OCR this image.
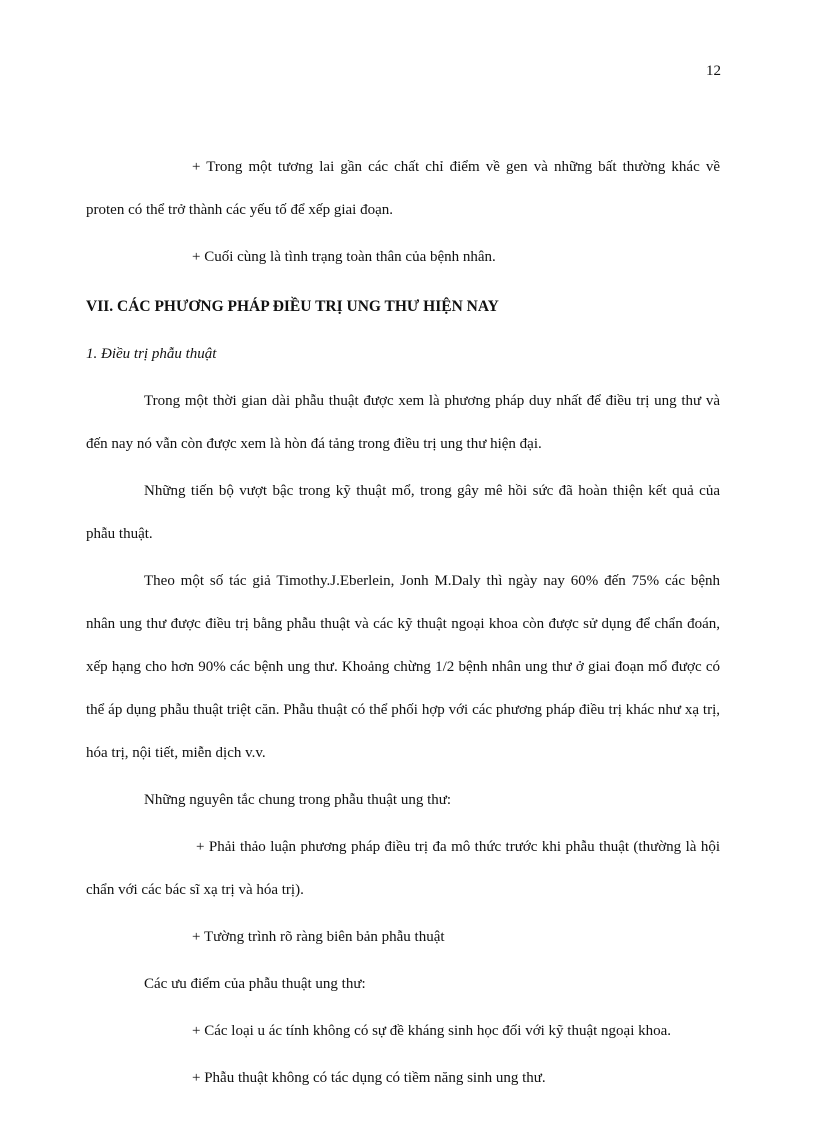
12

+ Trong một tương lai gần các chất chỉ điểm về gen và những bất thường khác về proten có thể trở thành các yếu tố để xếp giai đoạn.

+ Cuối cùng là tình trạng toàn thân của bệnh nhân.

VII. CÁC PHƯƠNG PHÁP ĐIỀU TRỊ UNG THƯ HIỆN NAY

1. Điều trị phẫu thuật

Trong một thời gian dài phẫu thuật được xem là phương pháp duy nhất để điều trị ung thư và đến nay nó vẫn còn được xem là hòn đá tảng trong điều trị ung thư hiện đại.

Những tiến bộ vượt bậc trong kỹ thuật mổ, trong gây mê hồi sức đã hoàn thiện kết quả của phẫu thuật.

Theo một số tác giả Timothy.J.Eberlein, Jonh M.Daly thì ngày nay 60% đến 75% các bệnh nhân ung thư được điều trị bằng phẫu thuật và các kỹ thuật ngoại khoa còn được sử dụng để chẩn đoán, xếp hạng cho hơn 90% các bệnh ung thư. Khoảng chừng 1/2 bệnh nhân ung thư ở giai đoạn mổ được có thể áp dụng phẫu thuật triệt căn. Phẫu thuật có thể phối hợp với các phương pháp điều trị khác như xạ trị, hóa trị, nội tiết, miễn dịch v.v.

Những nguyên tắc chung trong phẫu thuật ung thư:

+ Phải thảo luận phương pháp điều trị đa mô thức trước khi phẫu thuật (thường là hội chẩn với các bác sĩ xạ trị và hóa trị).

+ Tường trình rõ ràng biên bản phẫu thuật

Các ưu điểm của phẫu thuật ung thư:

+ Các loại u ác tính không có sự đề kháng sinh học đối với kỹ thuật ngoại khoa.

+ Phẫu thuật không có tác dụng có tiềm năng sinh ung thư.
